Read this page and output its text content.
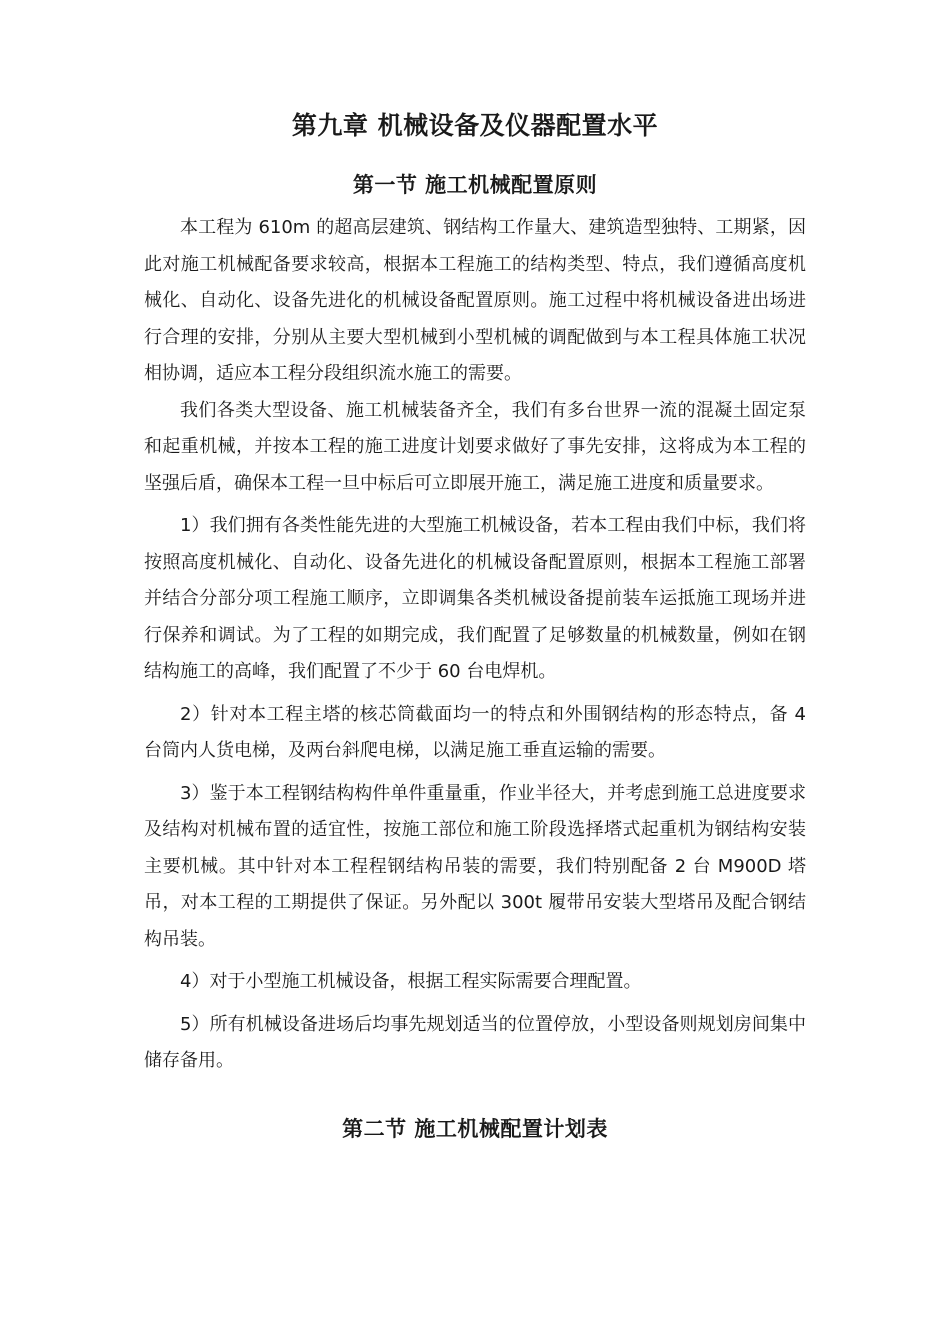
第九章 机械设备及仪器配置水平
第一节 施工机械配置原则

本工程为 610m 的超高层建筑、钢结构工作量大、建筑造型独特、工期紧，因此对施工机械配备要求较高，根据本工程施工的结构类型、特点，我们遵循高度机械化、自动化、设备先进化的机械设备配置原则。施工过程中将机械设备进出场进行合理的安排，分别从主要大型机械到小型机械的调配做到与本工程具体施工状况相协调，适应本工程分段组织流水施工的需要。

我们各类大型设备、施工机械装备齐全，我们有多台世界一流的混凝土固定泵和起重机械，并按本工程的施工进度计划要求做好了事先安排，这将成为本工程的坚强后盾，确保本工程一旦中标后可立即展开施工，满足施工进度和质量要求。

1）我们拥有各类性能先进的大型施工机械设备，若本工程由我们中标，我们将按照高度机械化、自动化、设备先进化的机械设备配置原则，根据本工程施工部署并结合分部分项工程施工顺序，立即调集各类机械设备提前装车运抵施工现场并进行保养和调试。为了工程的如期完成，我们配置了足够数量的机械数量，例如在钢结构施工的高峰，我们配置了不少于 60 台电焊机。

2）针对本工程主塔的核芯筒截面均一的特点和外围钢结构的形态特点，备 4 台筒内人货电梯，及两台斜爬电梯，以满足施工垂直运输的需要。

3）鉴于本工程钢结构构件单件重量重，作业半径大，并考虑到施工总进度要求及结构对机械布置的适宜性，按施工部位和施工阶段选择塔式起重机为钢结构安装主要机械。其中针对本工程程钢结构吊装的需要，我们特别配备 2 台 M900D 塔吊，对本工程的工期提供了保证。另外配以 300t 履带吊安装大型塔吊及配合钢结构吊装。

4）对于小型施工机械设备，根据工程实际需要合理配置。

5）所有机械设备进场后均事先规划适当的位置停放，小型设备则规划房间集中储存备用。

第二节 施工机械配置计划表
